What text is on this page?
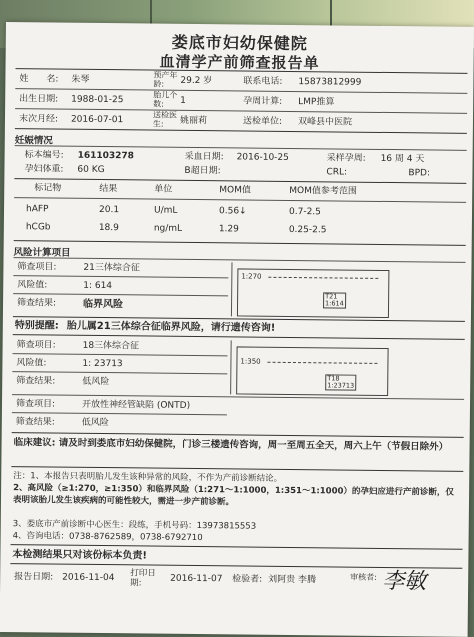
娄底市妇幼保健院
血清学产前筛查报告单
姓　　名: 朱琴	预产年
龄:	29.2 岁	联系电话: 15873812999
出生日期: 1988-01-25	胎儿个
数:	1	孕周计算: LMP推算
末次月经: 2016-07-01	送检医
生:	姚丽莉	送检单位: 双峰县中医院
妊娠情况
标本编号: 161103278	采血日期: 2016-10-25	采样孕周: 16 周 4 天
孕妇体重: 60 KG	B超日期:	CRL:	BPD:
标记物	结果	单位	MOM值	MOM值参考范围
hAFP	20.1	U/mL	0.56↓	0.7-2.5
hCGb	18.9	ng/mL	1.29	0.25-2.5
风险计算项目
筛查项目:	21三体综合征
风险值:	1: 614
筛查结果:	临界风险
1:270
T21
1:614
特别提醒: 胎儿属21三体综合征临界风险，请行遗传咨询!
筛查项目:	18三体综合征
风险值:	1: 23713
筛查结果:	低风险
1:350
T18
1:23713
筛查项目:	开放性神经管缺陷 (ONTD)
筛查结果:	低风险
临床建议: 请及时到娄底市妇幼保健院，门诊三楼遗传咨询，周一至周五全天，周六上午（节假日除外）
注：1、本报告只表明胎儿发生该种异常的风险，不作为产前诊断结论。
2、高风险（≥1:270，≥1:350）和临界风险（1:271～1:1000，1:351～1:1000）的孕妇应进行产前诊断，仅表明该胎儿发生该疾病的可能性较大，需进一步产前诊断。
3、娄底市产前诊断中心医生：段练，手机号码：13973815553
4、咨询电话：0738-8762589，0738-6792710
本检测结果只对该份标本负责!
报告日期: 2016-11-04 打印日
期:	2016-11-07 检验者: 刘阿贵 李腾	审核者: 李敏
